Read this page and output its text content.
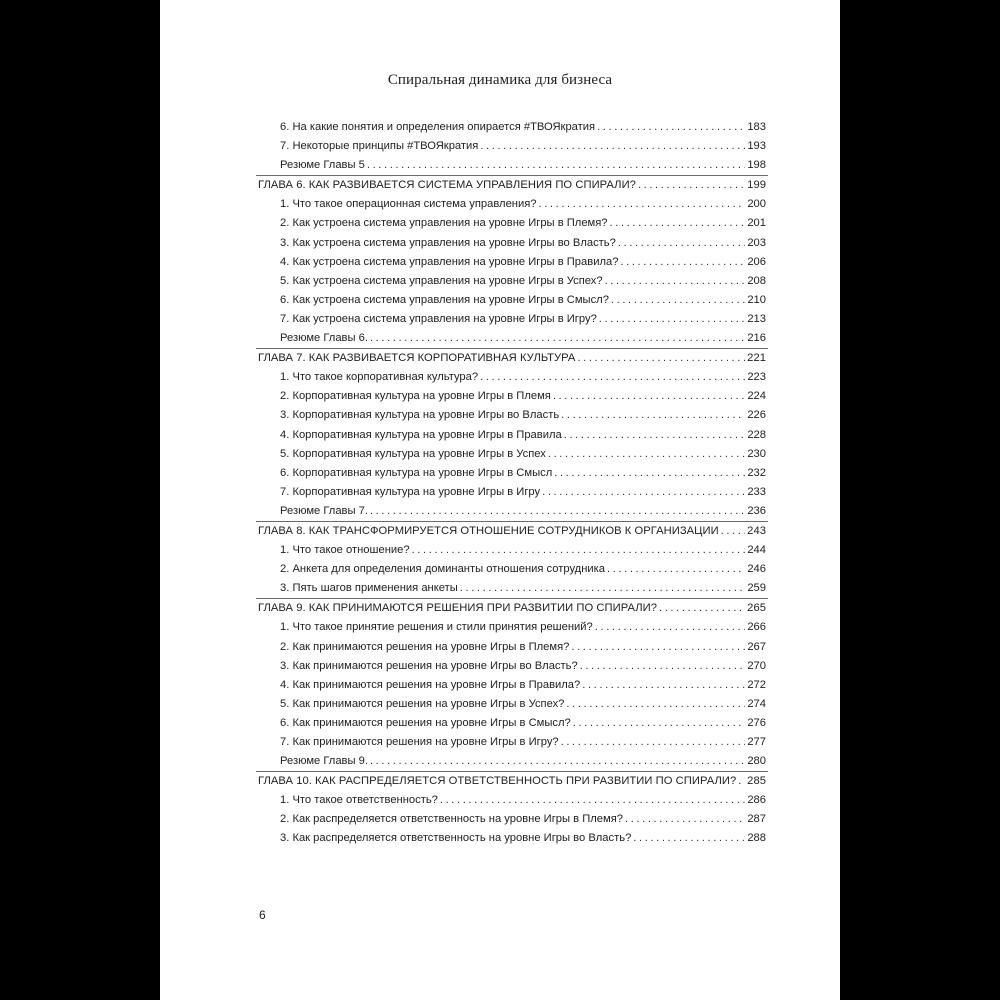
Спиральная динамика для бизнеса
6. На какие понятия и определения опирается #ТВОЯкратия .....	183
7. Некоторые принципы #ТВОЯкратия .....	193
Резюме Главы 5 .....	198
ГЛАВА 6. КАК РАЗВИВАЕТСЯ СИСТЕМА УПРАВЛЕНИЯ ПО СПИРАЛИ? .....	199
1. Что такое операционная система управления? .....	200
2. Как устроена система управления на уровне Игры в Племя? .....	201
3. Как устроена система управления на уровне Игры во Власть? .....	203
4. Как устроена система управления на уровне Игры в Правила? .....	206
5. Как устроена система управления на уровне Игры в Успех? .....	208
6. Как устроена система управления на уровне Игры в Смысл? .....	210
7. Как устроена система управления на уровне Игры в Игру? .....	213
Резюме Главы 6. .....	216
ГЛАВА 7. КАК РАЗВИВАЕТСЯ КОРПОРАТИВНАЯ КУЛЬТУРА .....	221
1. Что такое корпоративная культура? .....	223
2. Корпоративная культура на уровне Игры в Племя .....	224
3. Корпоративная культура на уровне Игры во Власть .....	226
4. Корпоративная культура на уровне Игры в Правила .....	228
5. Корпоративная культура на уровне Игры в Успех .....	230
6. Корпоративная культура на уровне Игры в Смысл .....	232
7. Корпоративная культура на уровне Игры в Игру .....	233
Резюме Главы 7. .....	236
ГЛАВА 8. КАК ТРАНСФОРМИРУЕТСЯ ОТНОШЕНИЕ СОТРУДНИКОВ К ОРГАНИЗАЦИИ .....	243
1. Что такое отношение? .....	244
2. Анкета для определения доминанты отношения сотрудника .....	246
3. Пять шагов применения анкеты .....	259
ГЛАВА 9. КАК ПРИНИМАЮТСЯ РЕШЕНИЯ ПРИ РАЗВИТИИ ПО СПИРАЛИ? .....	265
1. Что такое принятие решения и стили принятия решений? .....	266
2. Как принимаются решения на уровне Игры в Племя? .....	267
3. Как принимаются решения на уровне Игры во Власть? .....	270
4. Как принимаются решения на уровне Игры в Правила? .....	272
5. Как принимаются решения на уровне Игры в Успех? .....	274
6. Как принимаются решения на уровне Игры в Смысл? .....	276
7. Как принимаются решения на уровне Игры в Игру? .....	277
Резюме Главы 9. .....	280
ГЛАВА 10. КАК РАСПРЕДЕЛЯЕТСЯ ОТВЕТСТВЕННОСТЬ ПРИ РАЗВИТИИ ПО СПИРАЛИ? ..... 285
1. Что такое ответственность? .....	286
2. Как распределяется ответственность на уровне Игры в Племя? .....	287
3. Как распределяется ответственность на уровне Игры во Власть? .....	288
6
